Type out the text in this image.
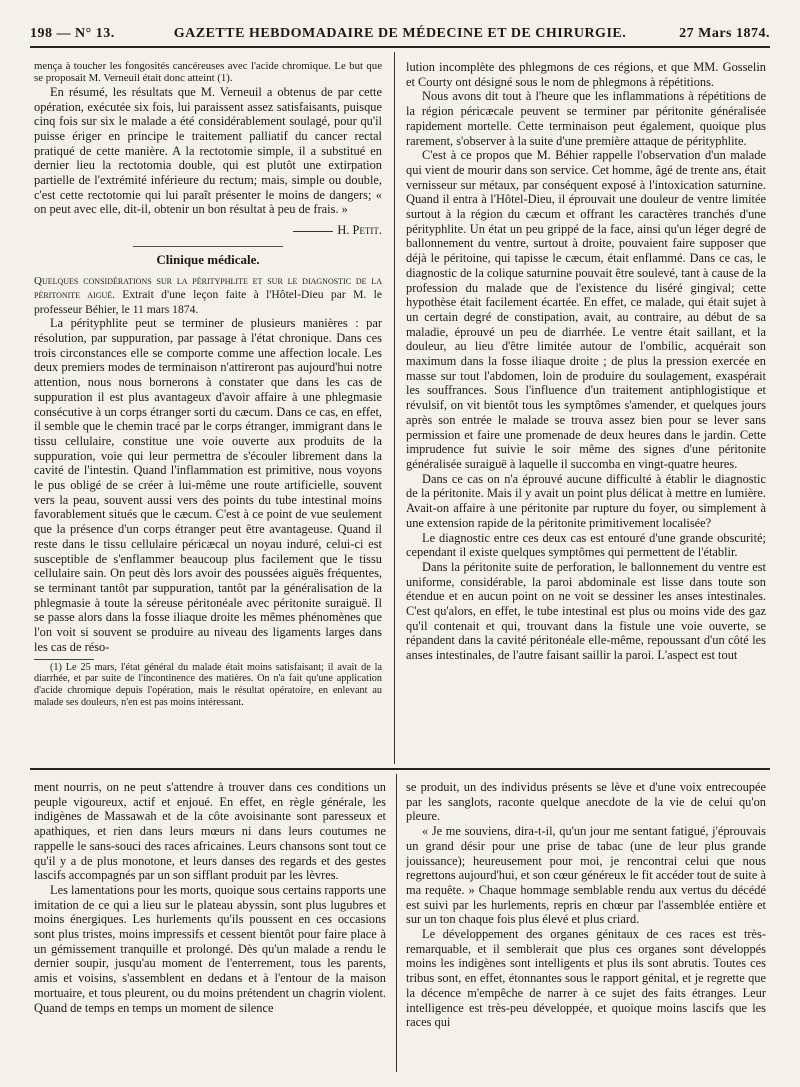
198 — N° 13.	GAZETTE HEBDOMADAIRE DE MÉDECINE ET DE CHIRURGIE.	27 Mars 1874.

mença à toucher les fongosités cancéreuses avec l'acide chromique. Le but que se proposait M. Verneuil était donc atteint (1).

En résumé, les résultats que M. Verneuil a obtenus de par cette opération, exécutée six fois, lui paraissent assez satisfaisants, puisque cinq fois sur six le malade a été considérablement soulagé, pour qu'il puisse ériger en principe le traitement palliatif du cancer rectal pratiqué de cette manière. A la rectotomie simple, il a substitué en dernier lieu la rectotomia double, qui est plutôt une extirpation partielle de l'extrémité inférieure du rectum; mais, simple ou double, c'est cette rectotomie qui lui paraît présenter le moins de dangers; « on peut avec elle, dit-il, obtenir un bon résultat à peu de frais. »

H. Petit.
Clinique médicale.

Quelques considérations sur la pérityphlite et sur le diagnostic de la péritonite aiguë. Extrait d'une leçon faite à l'Hôtel-Dieu par M. le professeur Béhier, le 11 mars 1874.

La pérityphlite peut se terminer de plusieurs manières : par résolution, par suppuration, par passage à l'état chronique. Dans ces trois circonstances elle se comporte comme une affection locale. Les deux premiers modes de terminaison n'attireront pas aujourd'hui notre attention, nous nous bornerons à constater que dans les cas de suppuration il est plus avantageux d'avoir affaire à une phlegmasie consécutive à un corps étranger sorti du cæcum. Dans ce cas, en effet, il semble que le chemin tracé par le corps étranger, immigrant dans le tissu cellulaire, constitue une voie ouverte aux produits de la suppuration, voie qui leur permettra de s'écouler librement dans la cavité de l'intestin. Quand l'inflammation est primitive, nous voyons le pus obligé de se créer à lui-même une route artificielle, souvent vers la peau, souvent aussi vers des points du tube intestinal moins favorablement situés que le cæcum. C'est à ce point de vue seulement que la présence d'un corps étranger peut être avantageuse. Quand il reste dans le tissu cellulaire péricæcal un noyau induré, celui-ci est susceptible de s'enflammer beaucoup plus facilement que le tissu cellulaire sain. On peut dès lors avoir des poussées aiguës fréquentes, se terminant tantôt par suppuration, tantôt par la généralisation de la phlegmasie à toute la séreuse péritonéale avec péritonite suraiguë. Il se passe alors dans la fosse iliaque droite les mêmes phénomènes que l'on voit si souvent se produire au niveau des ligaments larges dans les cas de réso-

(1) Le 25 mars, l'état général du malade était moins satisfaisant; il avait de la diarrhée, et par suite de l'incontinence des matières. On n'a fait qu'une application d'acide chromique depuis l'opération, mais le résultat opératoire, en enlevant au malade ses douleurs, n'en est pas moins intéressant.

lution incomplète des phlegmons de ces régions, et que MM. Gosselin et Courty ont désigné sous le nom de phlegmons à répétitions.

Nous avons dit tout à l'heure que les inflammations à répétitions de la région péricæcale peuvent se terminer par péritonite généralisée rapidement mortelle. Cette terminaison peut également, quoique plus rarement, s'observer à la suite d'une première attaque de pérityphlite.

C'est à ce propos que M. Béhier rappelle l'observation d'un malade qui vient de mourir dans son service. Cet homme, âgé de trente ans, était vernisseur sur métaux, par conséquent exposé à l'intoxication saturnine. Quand il entra à l'Hôtel-Dieu, il éprouvait une douleur de ventre limitée surtout à la région du cæcum et offrant les caractères tranchés d'une pérityphlite. Un état un peu grippé de la face, ainsi qu'un léger degré de ballonnement du ventre, surtout à droite, pouvaient faire supposer que déjà le péritoine, qui tapisse le cæcum, était enflammé. Dans ce cas, le diagnostic de la colique saturnine pouvait être soulevé, tant à cause de la profession du malade que de l'existence du liséré gingival; cette hypothèse était facilement écartée. En effet, ce malade, qui était sujet à un certain degré de constipation, avait, au contraire, au début de sa maladie, éprouvé un peu de diarrhée. Le ventre était saillant, et la douleur, au lieu d'être limitée autour de l'ombilic, acquérait son maximum dans la fosse iliaque droite ; de plus la pression exercée en masse sur tout l'abdomen, loin de produire du soulagement, exaspérait les souffrances. Sous l'influence d'un traitement antiphlogistique et révulsif, on vit bientôt tous les symptômes s'amender, et quelques jours après son entrée le malade se trouva assez bien pour se lever sans permission et faire une promenade de deux heures dans le jardin. Cette imprudence fut suivie le soir même des signes d'une péritonite généralisée suraiguë à laquelle il succomba en vingt-quatre heures.

Dans ce cas on n'a éprouvé aucune difficulté à établir le diagnostic de la péritonite. Mais il y avait un point plus délicat à mettre en lumière. Avait-on affaire à une péritonite par rupture du foyer, ou simplement à une extension rapide de la péritonite primitivement localisée?

Le diagnostic entre ces deux cas est entouré d'une grande obscurité; cependant il existe quelques symptômes qui permettent de l'établir.

Dans la péritonite suite de perforation, le ballonnement du ventre est uniforme, considérable, la paroi abdominale est lisse dans toute son étendue et en aucun point on ne voit se dessiner les anses intestinales. C'est qu'alors, en effet, le tube intestinal est plus ou moins vide des gaz qu'il contenait et qui, trouvant dans la fistule une voie ouverte, se répandent dans la cavité péritonéale elle-même, repoussant d'un côté les anses intestinales, de l'autre faisant saillir la paroi. L'aspect est tout

ment nourris, on ne peut s'attendre à trouver dans ces conditions un peuple vigoureux, actif et enjoué. En effet, en règle générale, les indigènes de Massawah et de la côte avoisinante sont paresseux et apathiques, et rien dans leurs mœurs ni dans leurs coutumes ne rappelle le sans-souci des races africaines. Leurs chansons sont tout ce qu'il y a de plus monotone, et leurs danses des regards et des gestes lascifs accompagnés par un son sifflant produit par les lèvres.

Les lamentations pour les morts, quoique sous certains rapports une imitation de ce qui a lieu sur le plateau abyssin, sont plus lugubres et moins énergiques. Les hurlements qu'ils poussent en ces occasions sont plus tristes, moins impressifs et cessent bientôt pour faire place à un gémissement tranquille et prolongé. Dès qu'un malade a rendu le dernier soupir, jusqu'au moment de l'enterrement, tous les parents, amis et voisins, s'assemblent en dedans et à l'entour de la maison mortuaire, et tous pleurent, ou du moins prétendent un chagrin violent. Quand de temps en temps un moment de silence

se produit, un des individus présents se lève et d'une voix entrecoupée par les sanglots, raconte quelque anecdote de la vie de celui qu'on pleure.

« Je me souviens, dira-t-il, qu'un jour me sentant fatigué, j'éprouvais un grand désir pour une prise de tabac (une de leur plus grande jouissance); heureusement pour moi, je rencontrai celui que nous regrettons aujourd'hui, et son cœur généreux le fit accéder tout de suite à ma requête. » Chaque hommage semblable rendu aux vertus du décédé est suivi par les hurlements, repris en chœur par l'assemblée entière et sur un ton chaque fois plus élevé et plus criard.

Le développement des organes génitaux de ces races est très-remarquable, et il semblerait que plus ces organes sont développés moins les indigènes sont intelligents et plus ils sont abrutis. Toutes ces tribus sont, en effet, étonnantes sous le rapport génital, et je regrette que la décence m'empêche de narrer à ce sujet des faits étranges. Leur intelligence est très-peu développée, et quoique moins lascifs que les races qui
